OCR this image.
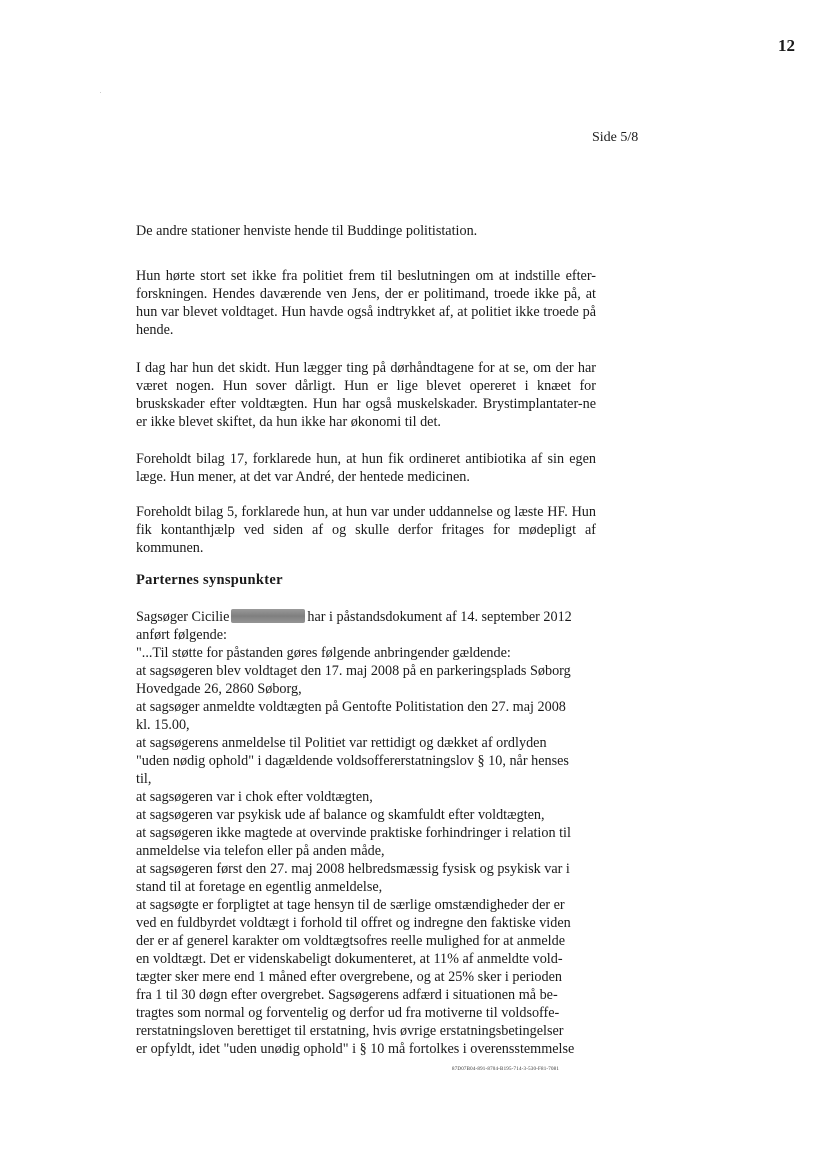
12
Side 5/8

De andre stationer henviste hende til Buddinge politistation.

Hun hørte stort set ikke fra politiet frem til beslutningen om at indstille efter-forskningen. Hendes daværende ven Jens, der er politimand, troede ikke på, at hun var blevet voldtaget. Hun havde også indtrykket af, at politiet ikke troede på hende.

I dag har hun det skidt. Hun lægger ting på dørhåndtagene for at se, om der har været nogen. Hun sover dårligt. Hun er lige blevet opereret i knæet for bruskskader efter voldtægten. Hun har også muskelskader. Brystimplantater-ne er ikke blevet skiftet, da hun ikke har økonomi til det.

Foreholdt bilag 17, forklarede hun, at hun fik ordineret antibiotika af sin egen læge. Hun mener, at det var André, der hentede medicinen.

Foreholdt bilag 5, forklarede hun, at hun var under uddannelse og læste HF. Hun fik kontanthjælp ved siden af og skulle derfor fritages for mødepligt af kommunen.

Parternes synspunkter

Sagsøger Cicilie	har i påstandsdokument af 14. september 2012

anført følgende:

"...Til støtte for påstanden gøres følgende anbringender gældende:
at sagsøgeren blev voldtaget den 17. maj 2008 på en parkeringsplads Søborg
Hovedgade 26, 2860 Søborg,
at sagsøger anmeldte voldtægten på Gentofte Politistation den 27. maj 2008
kl. 15.00,
at sagsøgerens anmeldelse til Politiet var rettidigt og dækket af ordlyden
"uden nødig ophold" i dagældende voldsoffererstatningslov § 10, når henses
til,
at sagsøgeren var i chok efter voldtægten,
at sagsøgeren var psykisk ude af balance og skamfuldt efter voldtægten,
at sagsøgeren ikke magtede at overvinde praktiske forhindringer i relation til
anmeldelse via telefon eller på anden måde,
at sagsøgeren først den 27. maj 2008 helbredsmæssig fysisk og psykisk var i
stand til at foretage en egentlig anmeldelse,
at sagsøgte er forpligtet at tage hensyn til de særlige omstændigheder der er
ved en fuldbyrdet voldtægt i forhold til offret og indregne den faktiske viden
der er af generel karakter om voldtægtsofres reelle mulighed for at anmelde
en voldtægt. Det er videnskabeligt dokumenteret, at 11% af anmeldte vold-
tægter sker mere end 1 måned efter overgrebene, og at 25% sker i perioden
fra 1 til 30 døgn efter overgrebet. Sagsøgerens adfærd i situationen må be-
tragtes som normal og forventelig og derfor ud fra motiverne til voldsoffe-
rerstatningsloven berettiget til erstatning, hvis øvrige erstatningsbetingelser
er opfyldt, idet "uden unødig ophold" i § 10 må fortolkes i overensstemmelse
87D07B04-891-8704-B195-714-3-530-F81-7081
